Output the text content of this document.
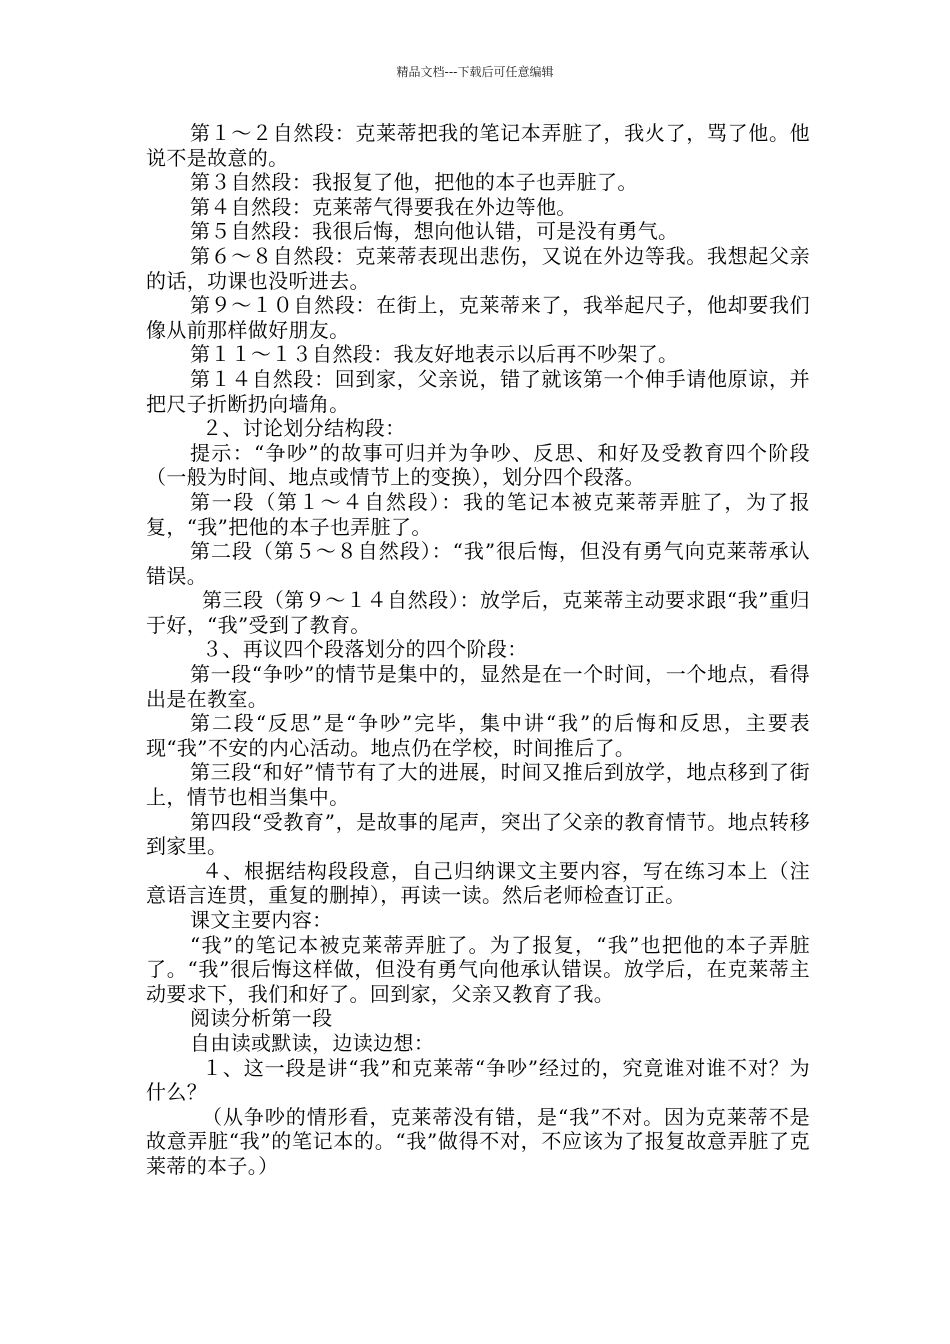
精品文档---下载后可任意编辑

第１～２自然段：克莱蒂把我的笔记本弄脏了，我火了，骂了他。他说不是故意的。

第３自然段：我报复了他，把他的本子也弄脏了。

第４自然段：克莱蒂气得要我在外边等他。

第５自然段：我很后悔，想向他认错，可是没有勇气。

第６～８自然段：克莱蒂表现出悲伤，又说在外边等我。我想起父亲的话，功课也没听进去。

第９～１０自然段：在街上，克莱蒂来了，我举起尺子，他却要我们像从前那样做好朋友。

第１１～１３自然段：我友好地表示以后再不吵架了。

第１４自然段：回到家，父亲说，错了就该第一个伸手请他原谅，并把尺子折断扔向墙角。

２、讨论划分结构段：

提示：“争吵”的故事可归并为争吵、反思、和好及受教育四个阶段（一般为时间、地点或情节上的变换），划分四个段落。

第一段（第１～４自然段）：我的笔记本被克莱蒂弄脏了，为了报复，“我”把他的本子也弄脏了。

第二段（第５～８自然段）：“我”很后悔，但没有勇气向克莱蒂承认错误。

第三段（第９～１４自然段）：放学后，克莱蒂主动要求跟“我”重归于好，“我”受到了教育。

３、再议四个段落划分的四个阶段：

第一段“争吵”的情节是集中的，显然是在一个时间，一个地点，看得出是在教室。

第二段“反思”是“争吵”完毕，集中讲“我”的后悔和反思，主要表现“我”不安的内心活动。地点仍在学校，时间推后了。

第三段“和好”情节有了大的进展，时间又推后到放学，地点移到了街上，情节也相当集中。

第四段“受教育”，是故事的尾声，突出了父亲的教育情节。地点转移到家里。

４、根据结构段段意，自己归纳课文主要内容，写在练习本上（注意语言连贯，重复的删掉），再读一读。然后老师检查订正。

课文主要内容：

“我”的笔记本被克莱蒂弄脏了。为了报复，“我”也把他的本子弄脏了。“我”很后悔这样做，但没有勇气向他承认错误。放学后，在克莱蒂主动要求下，我们和好了。回到家，父亲又教育了我。

阅读分析第一段

自由读或默读，边读边想：

１、这一段是讲“我”和克莱蒂“争吵”经过的，究竟谁对谁不对？为什么？

（从争吵的情形看，克莱蒂没有错，是“我”不对。因为克莱蒂不是故意弄脏“我”的笔记本的。“我”做得不对，不应该为了报复故意弄脏了克莱蒂的本子。）
